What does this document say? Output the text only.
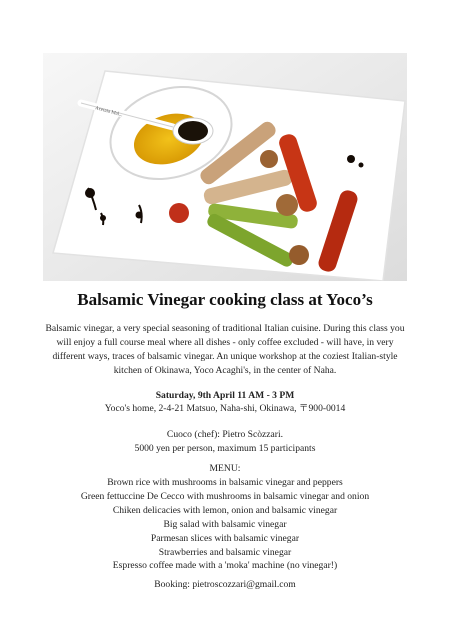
Acetaia Mal...
Balsamic Vinegar cooking class at Yoco’s
Balsamic vinegar, a very special seasoning of traditional Italian cuisine. During this class you will enjoy a full course meal where all dishes - only coffee excluded - will have, in very different ways, traces of balsamic vinegar. An unique workshop at the coziest Italian-style kitchen of Okinawa, Yoco Acaghi's, in the center of Naha.
Saturday, 9th April 11 AM - 3 PM
Yoco's home, 2-4-21 Matsuo, Naha-shi, Okinawa, 〒900-0014
Cuoco (chef): Pietro Scòzzari.
5000 yen per person, maximum 15 participants
MENU:
Brown rice with mushrooms in balsamic vinegar and peppers
Green fettuccine De Cecco with mushrooms in balsamic vinegar and onion
Chiken delicacies with lemon, onion and balsamic vinegar
Big salad with balsamic vinegar
Parmesan slices with balsamic vinegar
Strawberries and balsamic vinegar
Espresso coffee made with a 'moka' machine (no vinegar!)
Booking: pietroscozzari@gmail.com
